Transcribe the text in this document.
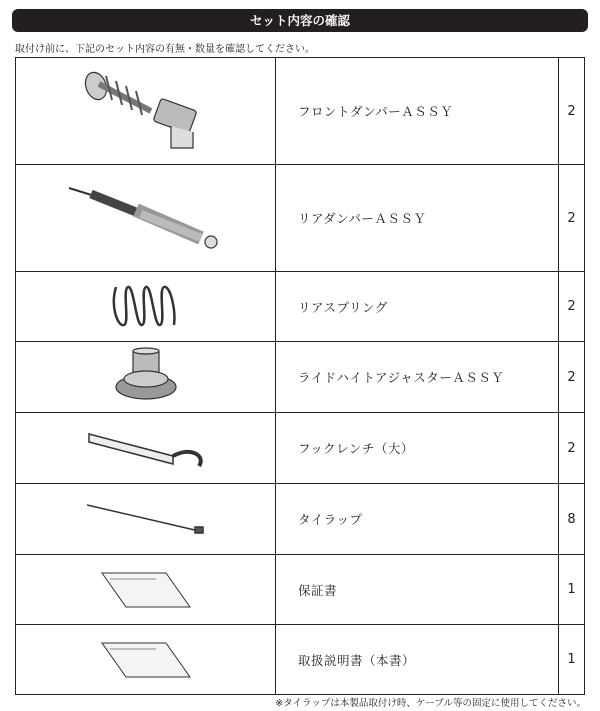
セット内容の確認
取付け前に、下記のセット内容の有無・数量を確認してください。
	フロントダンパーＡＳＳＹ	2

	リアダンパーＡＳＳＹ	2

	リアスプリング	2

	ライドハイトアジャスターＡＳＳＹ	2

	フックレンチ（大）	2

	タイラップ	8

	保証書	1

	取扱説明書（本書）	1
※タイラップは本製品取付け時、ケーブル等の固定に使用してください。
